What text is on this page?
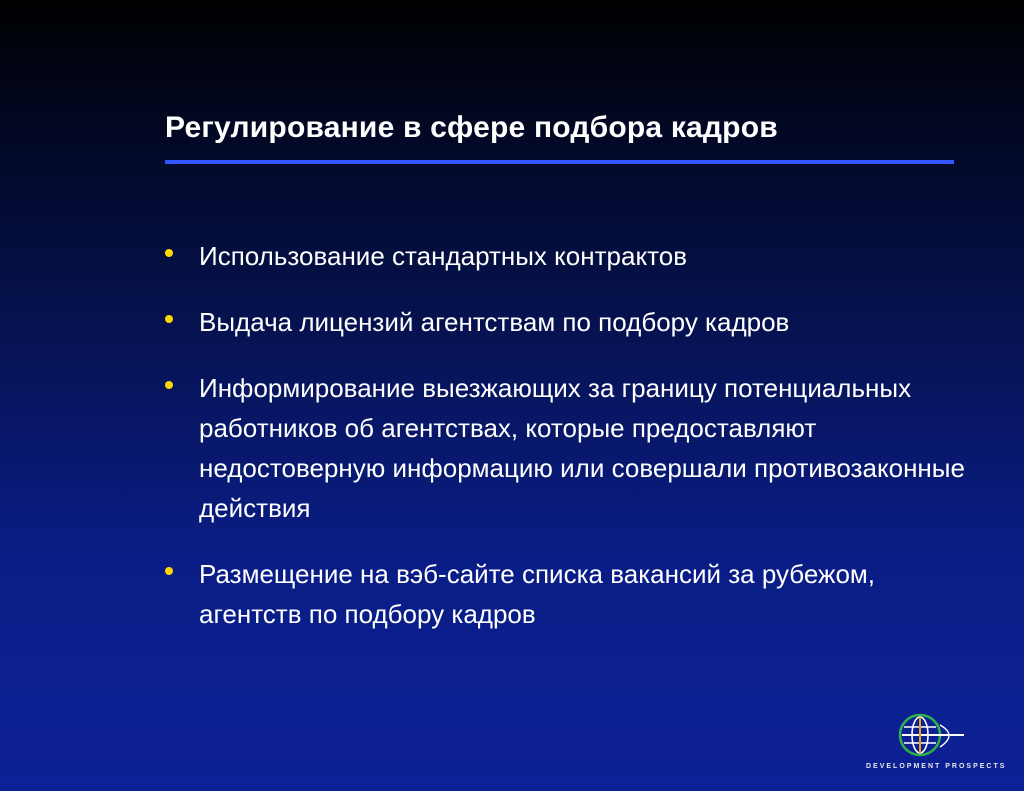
Регулирование в сфере подбора кадров
Использование стандартных контрактов
Выдача лицензий агентствам по подбору кадров
Информирование выезжающих за границу потенциальных работников об агентствах, которые предоставляют недостоверную информацию или совершали противозаконные действия
Размещение на вэб-сайте списка вакансий за рубежом, агентств по подбору кадров
DEVELOPMENT PROSPECTS
